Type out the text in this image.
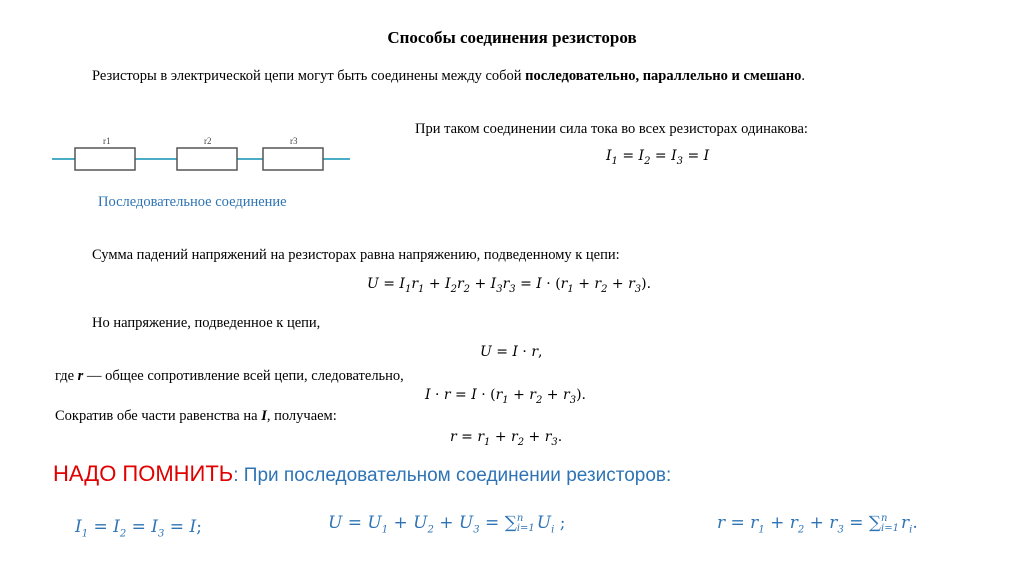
Способы соединения резисторов
Резисторы в электрической цепи могут быть соединены между собой последовательно, параллельно и смешано.
r1	r2	r3
Последовательное соединение
При таком соединении сила тока во всех резисторах одинакова:
$I_1 = I_2 = I_3 = I$
Сумма падений напряжений на резисторах равна напряжению, подведенному к цепи:
$U = I_1r_1 + I_2r_2 + I_3r_3 = I \cdot (r_1 + r_2 + r_3)$.
Но напряжение, подведенное к цепи,
U = I · r,
где r — общее сопротивление всей цепи, следовательно,
$I \cdot r = I \cdot (r_1 + r_2 + r_3)$.
Сократив обе части равенства на I, получаем:
$r = r_1 + r_2 + r_3$.
НАДО ПОМНИТЬ: При последовательном соединении резисторов:
$I_1 = I_2 = I_3 = I$;	$U = U_1 + U_2 + U_3$ = ∑ n
i=1 $U_i$ ;	$r = r_1 + r_2 + r_3$ = ∑ n
i=1 $r_i$.
